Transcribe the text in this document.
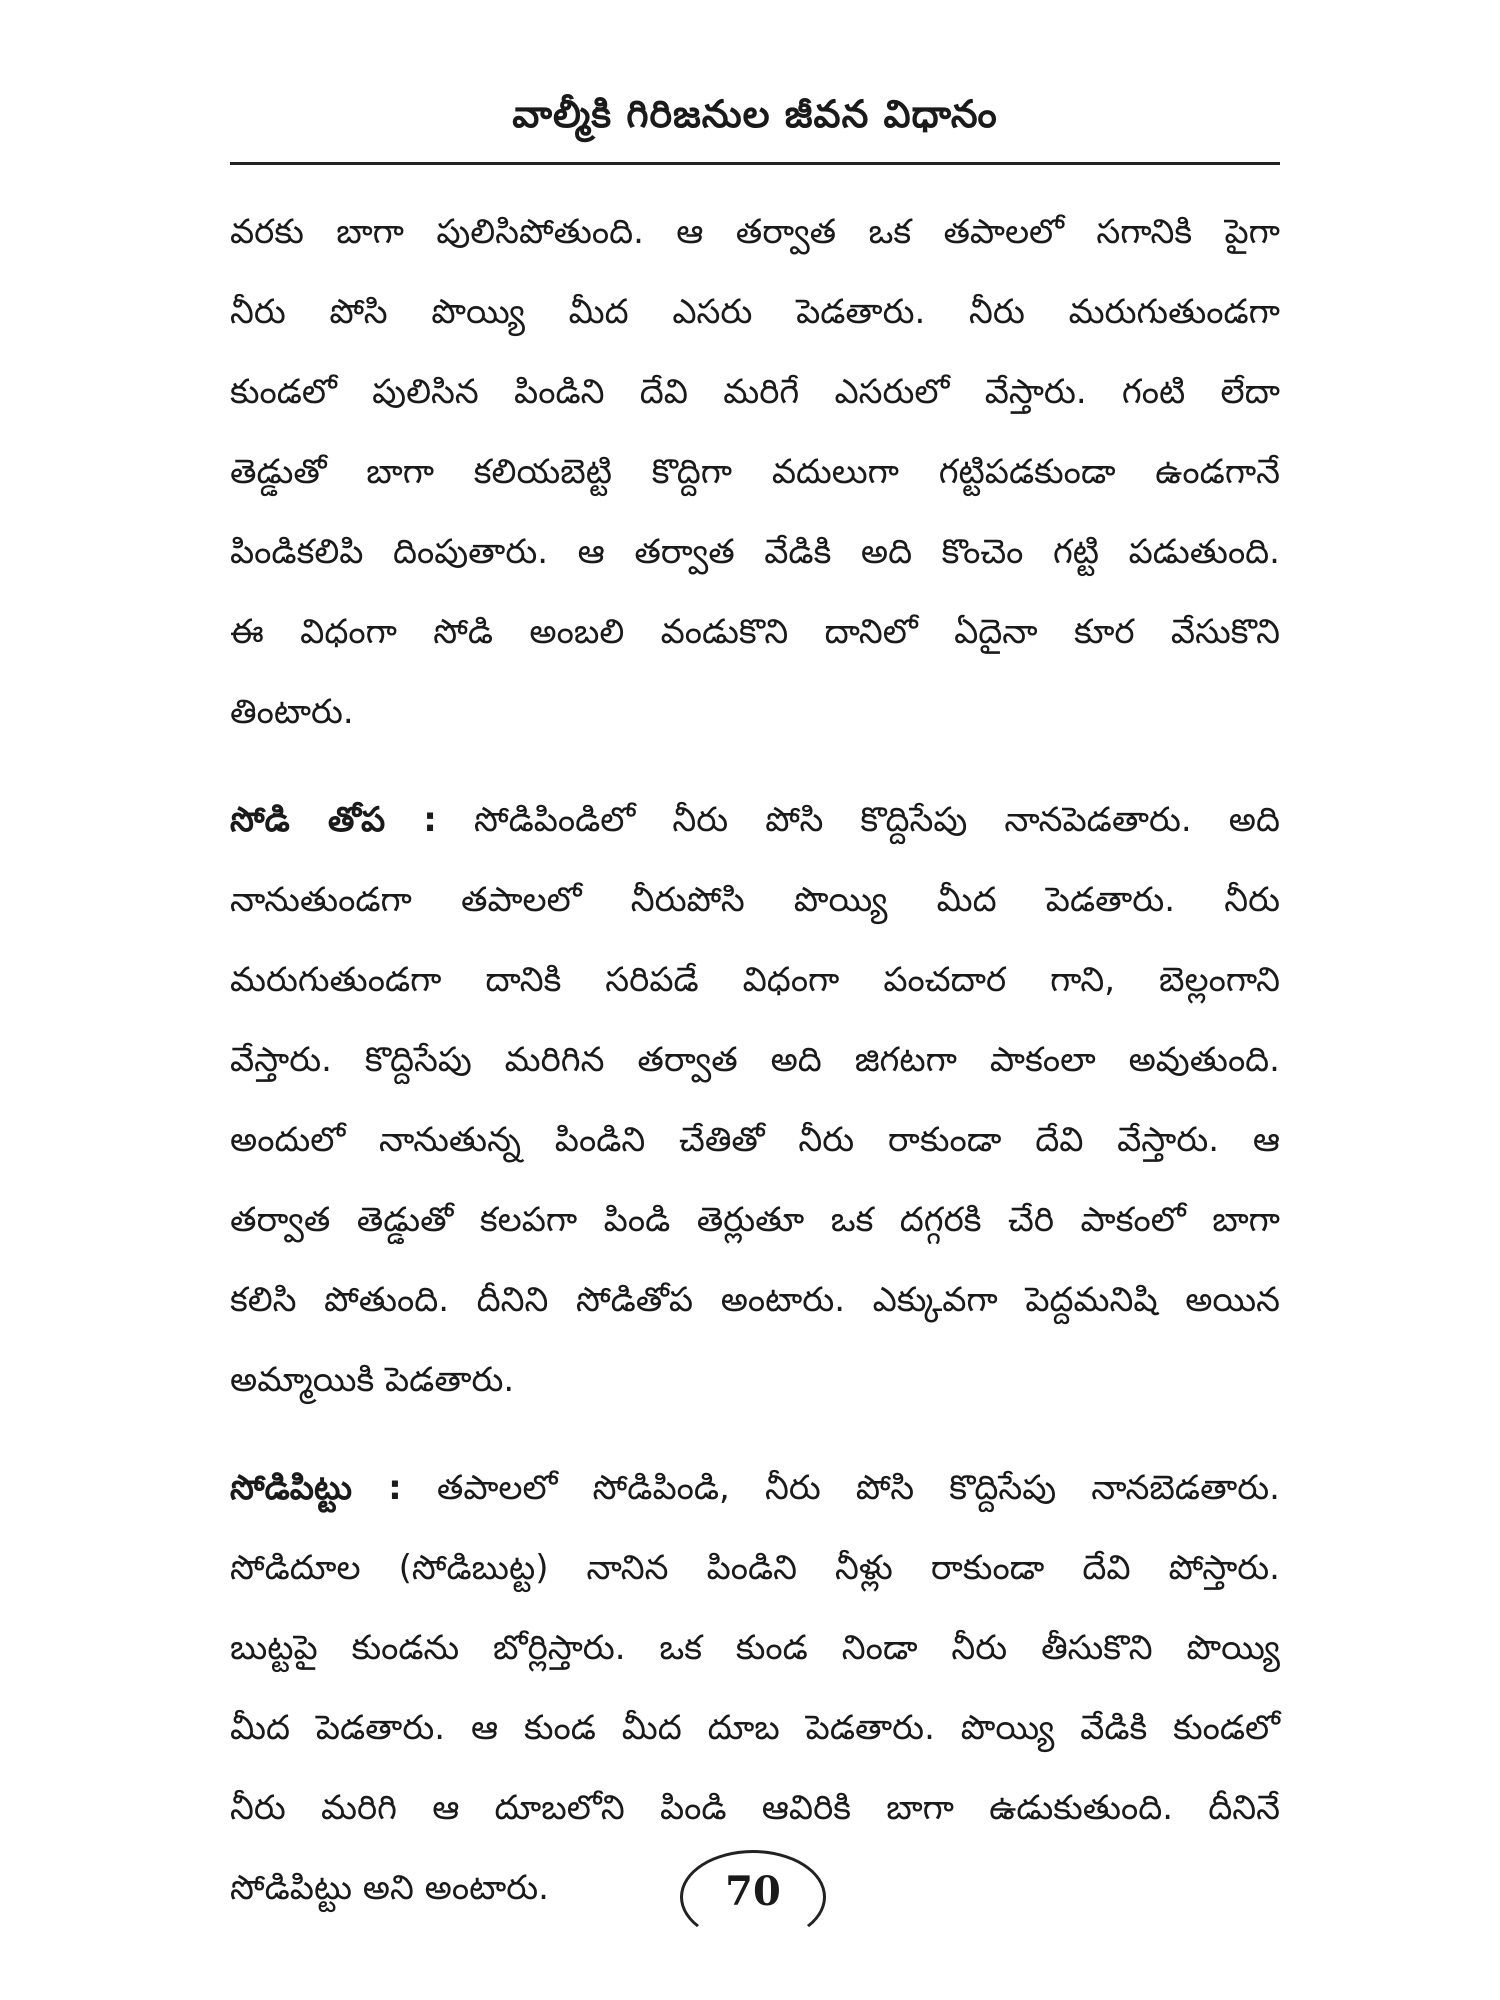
వాల్మీకి గిరిజనుల జీవన విధానం
వరకు బాగా పులిసిపోతుంది. ఆ తర్వాత ఒక తపాలలో సగానికి పైగా
నీరు పోసి పొయ్యి మీద ఎసరు పెడతారు. నీరు మరుగుతుండగా
కుండలో పులిసిన పిండిని దేవి మరిగే ఎసరులో వేస్తారు. గంటి లేదా
తెడ్డుతో బాగా కలియబెట్టి కొద్దిగా వదులుగా గట్టిపడకుండా ఉండగానే
పిండికలిపి దింపుతారు. ఆ తర్వాత వేడికి అది కొంచెం గట్టి పడుతుంది.
ఈ విధంగా సోడి అంబలి వండుకొని దానిలో ఏదైనా కూర వేసుకొని
తింటారు.
సోడి తోప : సోడిపిండిలో నీరు పోసి కొద్దిసేపు నానపెడతారు. అది
నానుతుండగా తపాలలో నీరుపోసి పొయ్యి మీద పెడతారు. నీరు
మరుగుతుండగా దానికి సరిపడే విధంగా పంచదార గాని, బెల్లంగాని
వేస్తారు. కొద్దిసేపు మరిగిన తర్వాత అది జిగటగా పాకంలా అవుతుంది.
అందులో నానుతున్న పిండిని చేతితో నీరు రాకుండా దేవి వేస్తారు. ఆ
తర్వాత తెడ్డుతో కలపగా పిండి తెర్లుతూ ఒక దగ్గరకి చేరి పాకంలో బాగా
కలిసి పోతుంది. దీనిని సోడితోప అంటారు. ఎక్కువగా పెద్దమనిషి అయిన
అమ్మాయికి పెడతారు.
సోడిపిట్టు : తపాలలో సోడిపిండి, నీరు పోసి కొద్దిసేపు నానబెడతారు.
సోడిదూల (సోడిబుట్ట) నానిన పిండిని నీళ్లు రాకుండా దేవి పోస్తారు.
బుట్టపై కుండను బోర్లిస్తారు. ఒక కుండ నిండా నీరు తీసుకొని పొయ్యి
మీద పెడతారు. ఆ కుండ మీద దూబ పెడతారు. పొయ్యి వేడికి కుండలో
నీరు మరిగి ఆ దూబలోని పిండి ఆవిరికి బాగా ఉడుకుతుంది. దీనినే
సోడిపిట్టు అని అంటారు.	70
